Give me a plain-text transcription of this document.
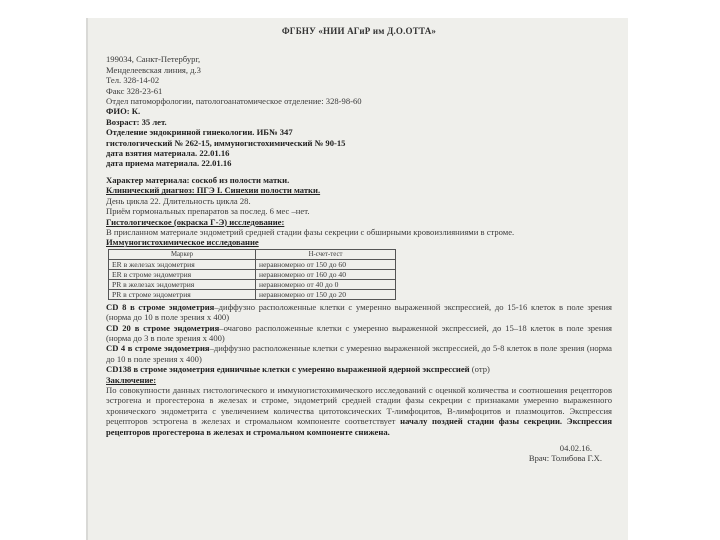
ФГБНУ «НИИ АГиР им Д.О.ОТТА»
199034, Санкт-Петербург,
Менделеевская линия, д.3
Тел. 328-14-02
Факс 328-23-61
Отдел патоморфологии, патологоанатомическое отделение: 328-98-60
ФИО: К.
Возраст: 35 лет.
Отделение эндокринной гинекологии. ИБ№ 347
гистологический № 262-15, иммуногистохимический № 90-15
дата взятия материала. 22.01.16
дата приема материала. 22.01.16
Характер материала: соскоб из полости матки.
Клинический диагноз: ПГЭ I. Синехии полости матки.
День цикла 22. Длительность цикла 28.
Приём гормональных препаратов за послед. 6 мес –нет.
Гистологическое (окраска Г-Э) исследование:
В присланном материале эндометрий средней стадии фазы секреции с обширными кровоизлияниями в строме.
Иммуногистохимическое исследование
Маркер	Н-счет-тест
ER в железах эндометрия	неравномерно от 150 до 60
ER в строме эндометрия	неравномерно от 160 до 40
PR в железах эндометрия	неравномерно от 40 до 0
PR в строме эндометрия	неравномерно от 150 до 20
CD 8 в строме эндометрия–диффузно расположенные клетки с умеренно выраженной экспрессией, до 15-16 клеток в поле зрения (норма до 10 в поле зрения х 400)
CD 20 в строме эндометрия–очагово расположенные клетки с умеренно выраженной экспрессией, до 15–18 клеток в поле зрения (норма до 3 в поле зрения х 400)
CD 4 в строме эндометрия–диффузно расположенные клетки с умеренно выраженной экспрессией, до 5-8 клеток в поле зрения (норма до 10 в поле зрения х 400)
CD138 в строме эндометрия единичные клетки с умеренно выраженной ядерной экспрессией (отр)
Заключение:
По совокупности данных гистологического и иммуногистохимического исследований с оценкой количества и соотношения рецепторов эстрогена и прогестерона в железах и строме, эндометрий средней стадии фазы секреции с признаками умеренно выраженного хронического эндометрита с увеличением количества цитотоксических Т-лимфоцитов, В-лимфоцитов и плазмоцитов. Экспрессия рецепторов эстрогена в железах и стромальном компоненте соответствует началу поздней стадии фазы секреции. Экспрессия рецепторов прогестерона в железах и стромальном компоненте снижена.
04.02.16.
Врач: Толибова Г.Х.
